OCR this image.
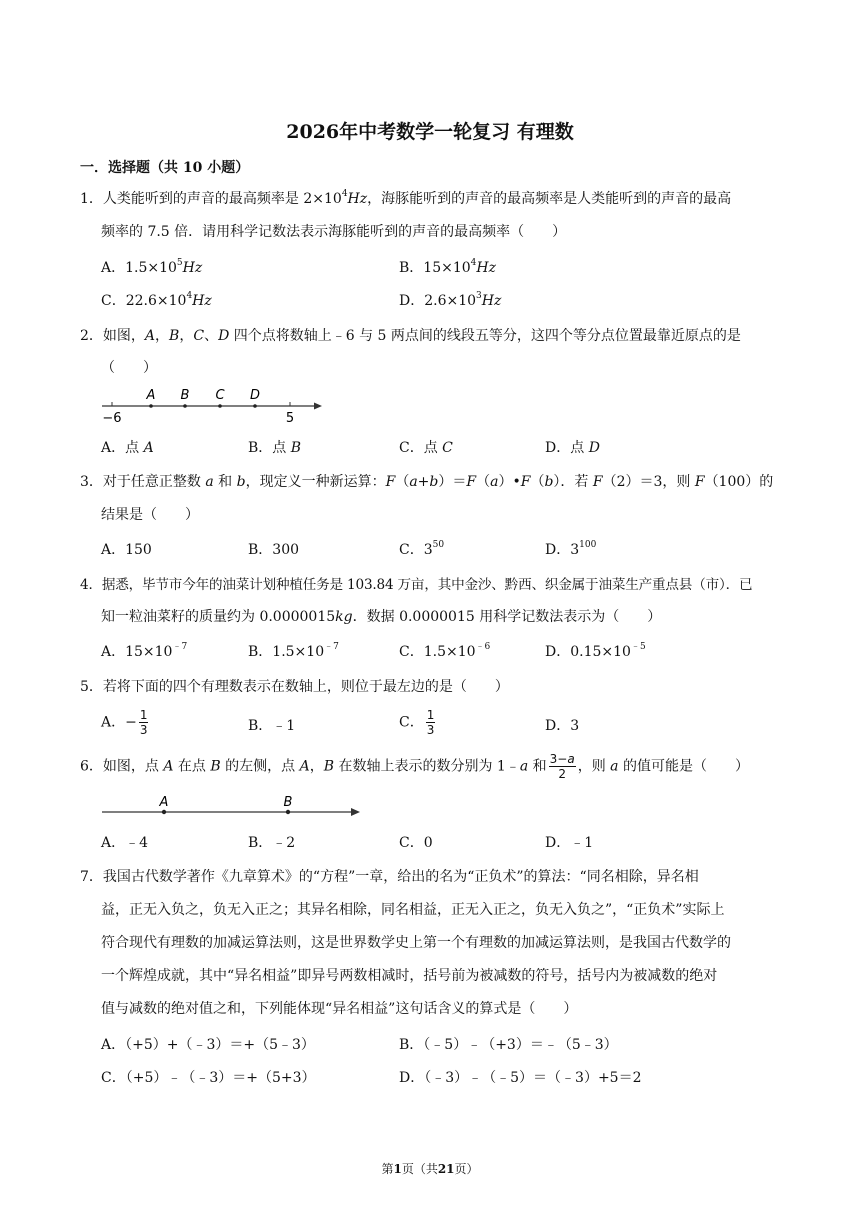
2026年中考数学一轮复习 有理数
一．选择题（共 10 小题）
1．人类能听到的声音的最高频率是 $2\times 10^4Hz$，海豚能听到的声音的最高频率是人类能听到的声音的最高
频率的 7.5 倍．请用科学记数法表示海豚能听到的声音的最高频率（　　）
A．$1.5\times 10^5Hz$	B．$15\times 10^4Hz$
C．$22.6\times 10^4Hz$	D．$2.6\times 10^3Hz$
2．如图，A，B，C、D 四个点将数轴上﹣6 与 5 两点间的线段五等分，这四个等分点位置最靠近原点的是
（　　）
A B C D
−6	5
A．点 A	B．点 B	C．点 C	D．点 D
3．对于任意正整数 a 和 b，现定义一种新运算：F（a+b）＝F（a）•F（b）．若 F（2）＝3，则 F（100）的
结果是（　　）
A．150	B．300	C．$3^{50}$	D．$3^{100}$
4．据悉，毕节市今年的油菜计划种植任务是 103.84 万亩，其中金沙、黔西、织金属于油菜生产重点县（市）．已
知一粒油菜籽的质量约为 0.0000015kg．数据 0.0000015 用科学记数法表示为（　　）
A．$15\times 10^{﹣7}$	B．$1.5\times 10^{﹣7}$	C．$1.5\times 10^{﹣6}$	D．$0.15\times 10^{﹣5}$
5．若将下面的四个有理数表示在数轴上，则位于最左边的是（　　）
A．− $\frac{1}{3}$	B．﹣1	C． $\frac{1}{3}$	D．3
6．如图，点 A 在点 B 的左侧，点 A，B 在数轴上表示的数分别为 1﹣a 和 $\frac{3-a}{2}$ ，则 a 的值可能是（　　）
A	B
A．﹣4	B．﹣2	C．0	D．﹣1
7．我国古代数学著作《九章算术》的“方程”一章，给出的名为“正负术”的算法：“同名相除，异名相
益，正无入负之，负无入正之；其异名相除，同名相益，正无入正之，负无入负之”，“正负术”实际上
符合现代有理数的加减运算法则，这是世界数学史上第一个有理数的加减运算法则，是我国古代数学的
一个辉煌成就，其中“异名相益”即异号两数相减时，括号前为被减数的符号，括号内为被减数的绝对
值与减数的绝对值之和，下列能体现“异名相益”这句话含义的算式是（　　）
A．（+5）+（﹣3）＝+（5﹣3）	B．（﹣5）﹣（+3）＝﹣（5﹣3）
C．（+5）﹣（﹣3）＝+（5+3）	D．（﹣3）﹣（﹣5）＝（﹣3）+5＝2
第1页（共21页）
